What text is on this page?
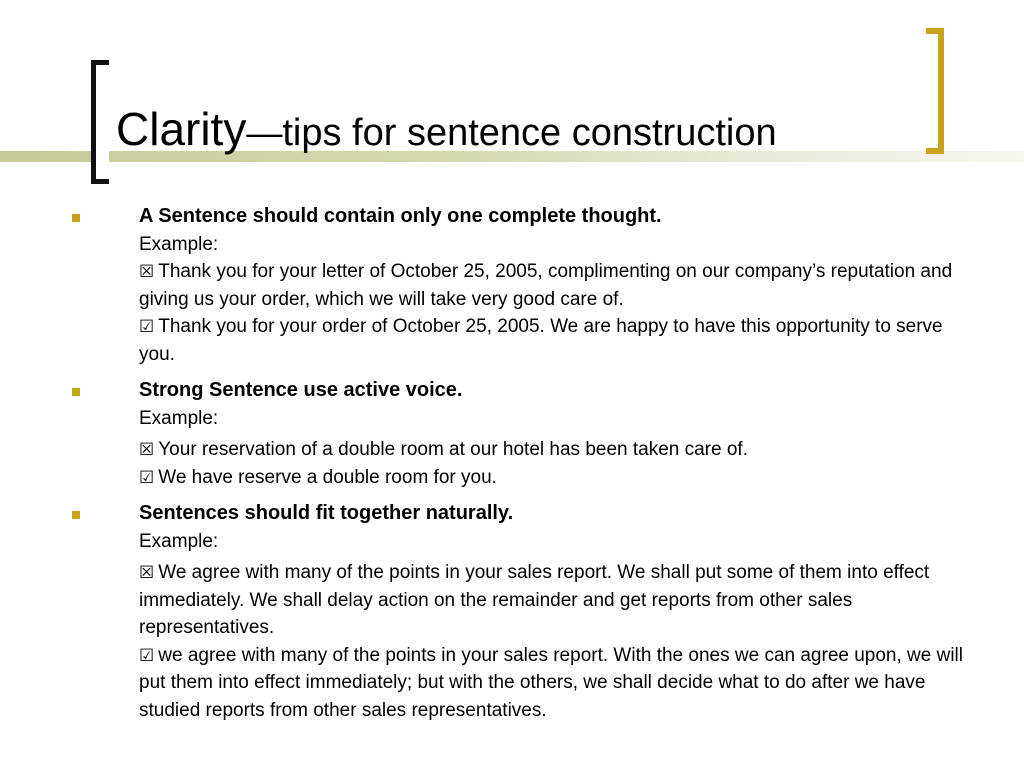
Clarity—tips for sentence construction
A Sentence should contain only one complete thought.
Example:
☒ Thank you for your letter of October 25, 2005, complimenting on our company’s reputation and giving us your order, which we will take very good care of.
☑ Thank you for your order of October 25, 2005. We are happy to have this opportunity to serve you.
Strong Sentence use active voice.
Example:
☒ Your reservation of a double room at our hotel has been taken care of.
☑ We have reserve a double room for you.
Sentences should fit together naturally.
Example:
☒ We agree with many of the points in your sales report. We shall put some of them into effect immediately. We shall delay action on the remainder and get reports from other sales representatives.
☑ we agree with many of the points in your sales report. With the ones we can agree upon, we will put them into effect immediately; but with the others, we shall decide what to do after we have studied reports from other sales representatives.
